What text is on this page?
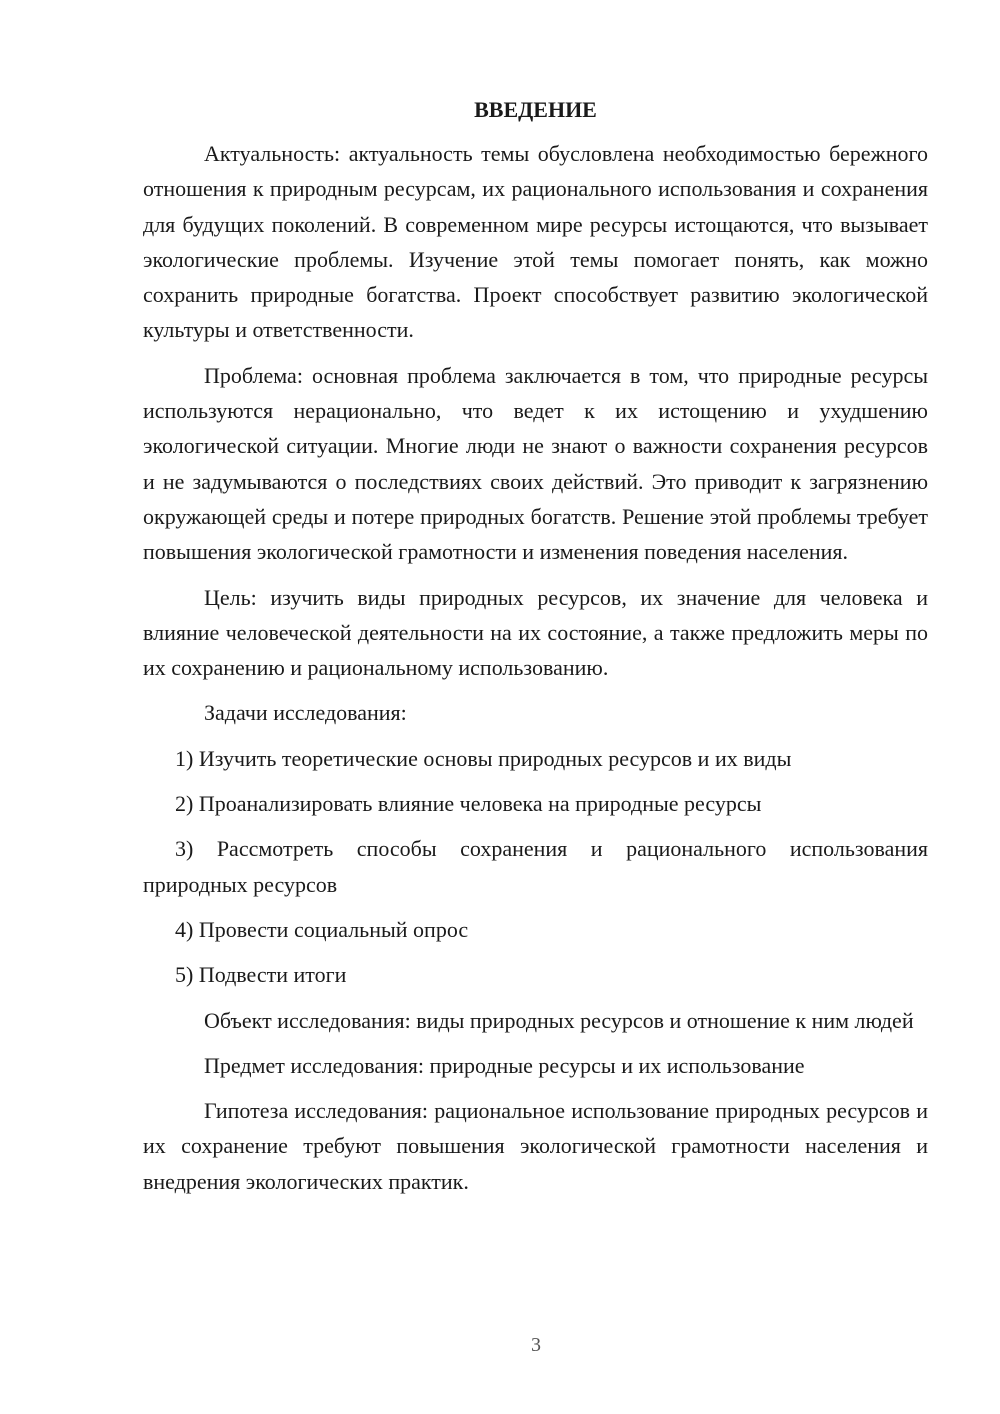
ВВЕДЕНИЕ

Актуальность: актуальность темы обусловлена необходимостью бережного отношения к природным ресурсам, их рационального использования и сохранения для будущих поколений. В современном мире ресурсы истощаются, что вызывает экологические проблемы. Изучение этой темы помогает понять, как можно сохранить природные богатства. Проект способствует развитию экологической культуры и ответственности.

Проблема: основная проблема заключается в том, что природные ресурсы используются нерационально, что ведет к их истощению и ухудшению экологической ситуации. Многие люди не знают о важности сохранения ресурсов и не задумываются о последствиях своих действий. Это приводит к загрязнению окружающей среды и потере природных богатств. Решение этой проблемы требует повышения экологической грамотности и изменения поведения населения.

Цель: изучить виды природных ресурсов, их значение для человека и влияние человеческой деятельности на их состояние, а также предложить меры по их сохранению и рациональному использованию.

Задачи исследования:

1) Изучить теоретические основы природных ресурсов и их виды

2) Проанализировать влияние человека на природные ресурсы

3) Рассмотреть способы сохранения и рационального использования природных ресурсов

4) Провести социальный опрос

5) Подвести итоги

Объект исследования: виды природных ресурсов и отношение к ним людей

Предмет исследования: природные ресурсы и их использование

Гипотеза исследования: рациональное использование природных ресурсов и их сохранение требуют повышения экологической грамотности населения и внедрения экологических практик.

3
